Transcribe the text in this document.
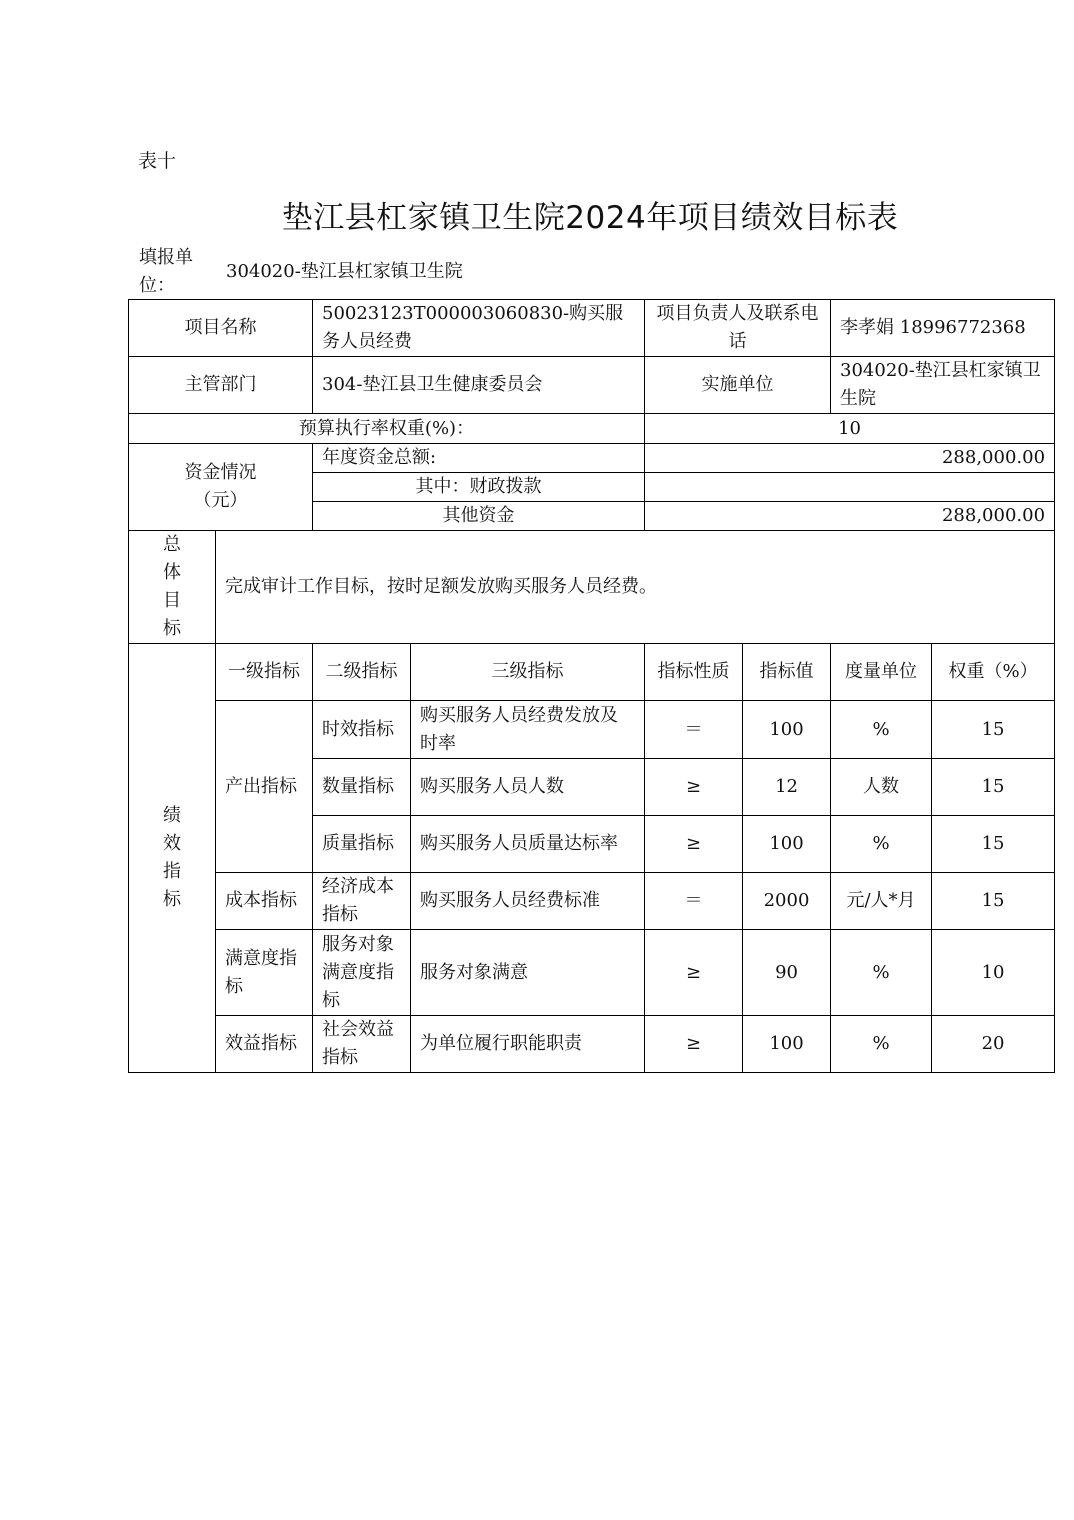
表十
垫江县杠家镇卫生院2024年项目绩效目标表
填报单位：
304020-垫江县杠家镇卫生院
项目名称		50023123T000003060830-购买服务人员经费		项目负责人及联系电话		李孝娟 18996772368	
主管部门		304-垫江县卫生健康委员会		实施单位		304020-垫江县杠家镇卫生院	
预算执行率权重(%)：				10			
资金情况（元）		年度资金总额:		288,000.00			
		其中：财政拨款					
		其他资金		288,000.00			

总体目标	完成审计工作目标，按时足额发放购买服务人员经费。						

绩效指标	一级指标	二级指标	三级指标	指标性质	指标值	度量单位	权重（%）
	产出指标	时效指标	购买服务人员经费发放及时率	＝	100	%	15
		数量指标	购买服务人员人数	≥	12	人数	15
		质量指标	购买服务人员质量达标率	≥	100	%	15
	成本指标	经济成本指标	购买服务人员经费标准	＝	2000	元/人*月	15
	满意度指标	服务对象满意度指标	服务对象满意	≥	90	%	10
	效益指标	社会效益指标	为单位履行职能职责	≥	100	%	20
